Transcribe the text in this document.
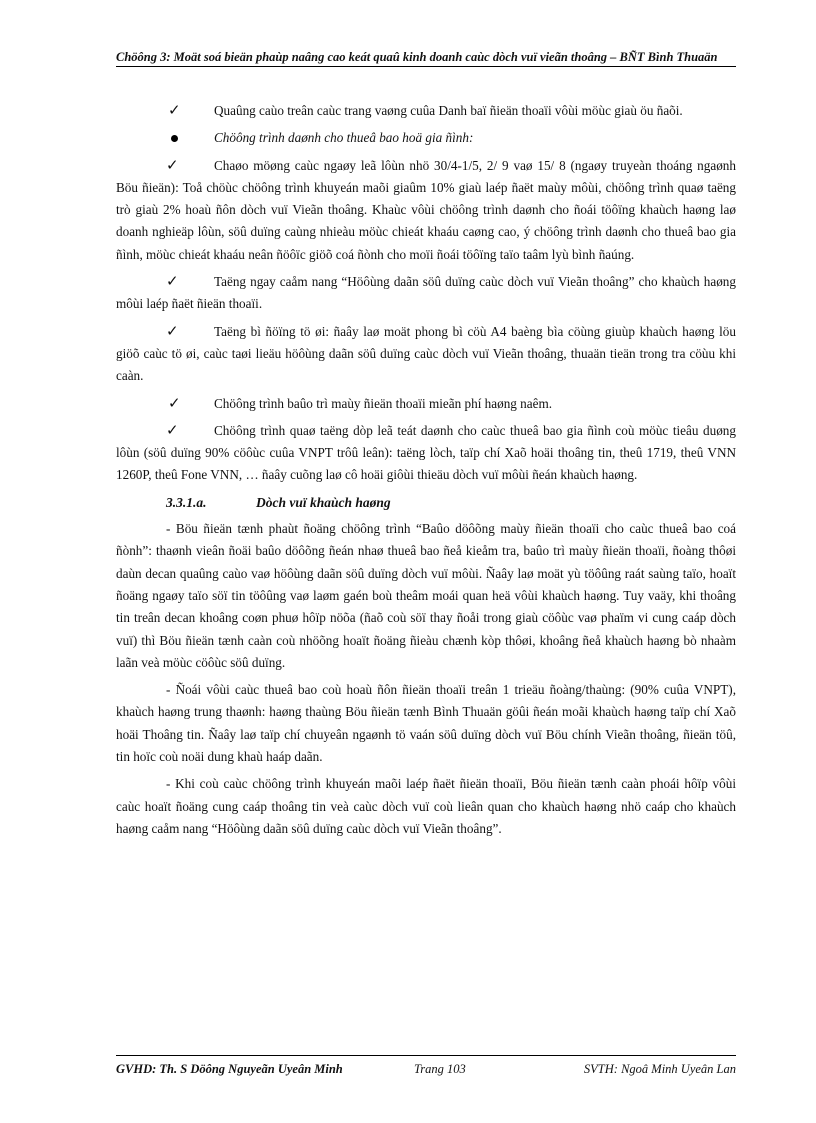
Chöông 3: Moät soá bieän phaùp naâng cao keát quaû kinh doanh caùc dòch vuï vieãn thoâng – BÑT Bình Thuaän
✓	Quaûng caùo treân caùc trang vaøng cuûa Danh baï ñieän thoaïi vôùi möùc giaù öu ñaõi.
Chöông trình daønh cho thueâ bao hoä gia ñình:

✓	Chaøo möøng caùc ngaøy leã lôùn nhö 30/4-1/5, 2/ 9 vaø 15/ 8 (ngaøy truyeàn thoáng ngaønh Böu ñieän): Toå chöùc chöông trình khuyeán maõi giaûm 10% giaù laép ñaët maùy môùi, chöông trình quaø taëng trò giaù 2% hoaù ñôn dòch vuï Vieãn thoâng. Khaùc vôùi chöông trình daønh cho ñoái töôïng khaùch haøng laø doanh nghieäp lôùn, söû duïng caùng nhieàu möùc chieát khaáu caøng cao, ý chöông trình daønh cho thueâ bao gia ñình, möùc chieát khaáu neân ñöôïc giöõ coá ñònh cho moïi ñoái töôïng taïo taâm lyù bình ñaúng.

✓	Taëng ngay caåm nang “Höôùng daãn söû duïng caùc dòch vuï Vieãn thoâng” cho khaùch haøng môùi laép ñaët ñieän thoaïi.

✓	Taëng bì ñöïng tö øi: ñaây laø moät phong bì cöù A4 baèng bìa cöùng giuùp khaùch haøng löu giöõ caùc tö øi, caùc taøi lieäu höôùng daãn söû duïng caùc dòch vuï Vieãn thoâng, thuaän tieän trong tra cöùu khi caàn.

✓	Chöông trình baûo trì maùy ñieän thoaïi mieãn phí haøng naêm.

✓	Chöông trình quaø taëng dòp leã teát daønh cho caùc thueâ bao gia ñình coù möùc tieâu duøng lôùn (söû duïng 90% cöôùc cuûa VNPT trôû leân): taëng lòch, taïp chí Xaõ hoäi thoâng tin, theû 1719, theû VNN 1260P, theû Fone VNN, … ñaây cuõng laø cô hoäi giôùi thieäu dòch vuï môùi ñeán khaùch haøng.

3.3.1.a.	Dòch vuï khaùch haøng

- Böu ñieän tænh phaùt ñoäng chöông trình “Baûo döôõng maùy ñieän thoaïi cho caùc thueâ bao coá ñònh”: thaønh vieân ñoäi baûo döôõng ñeán nhaø thueâ bao ñeå kieåm tra, baûo trì maùy ñieän thoaïi, ñoàng thôøi daùn decan quaûng caùo vaø höôùng daãn söû duïng dòch vuï môùi. Ñaây laø moät yù töôûng raát saùng taïo, hoaït ñoäng ngaøy taïo söï tin töôûng vaø laøm gaén boù theâm moái quan heä vôùi khaùch haøng. Tuy vaäy, khi thoâng tin treân decan khoâng coøn phuø hôïp nöõa (ñaõ coù söï thay ñoåi trong giaù cöôùc vaø phaïm vi cung caáp dòch vuï) thì Böu ñieän tænh caàn coù nhöõng hoaït ñoäng ñieàu chænh kòp thôøi, khoâng ñeå khaùch haøng bò nhaàm laãn veà möùc cöôùc söû duïng.

- Ñoái vôùi caùc thueâ bao coù hoaù ñôn ñieän thoaïi treân 1 trieäu ñoàng/thaùng: (90% cuûa VNPT), khaùch haøng trung thaønh: haøng thaùng Böu ñieän tænh Bình Thuaän göûi ñeán moãi khaùch haøng taïp chí Xaõ hoäi Thoâng tin. Ñaây laø taïp chí chuyeân ngaønh tö vaán söû duïng dòch vuï Böu chính Vieãn thoâng, ñieän töû, tin hoïc coù noäi dung khaù haáp daãn.

- Khi coù caùc chöông trình khuyeán maõi laép ñaët ñieän thoaïi, Böu ñieän tænh caàn phoái hôïp vôùi caùc hoaït ñoäng cung caáp thoâng tin veà caùc dòch vuï coù lieân quan cho khaùch haøng nhö caáp cho khaùch haøng caåm nang “Höôùng daãn söû duïng caùc dòch vuï Vieãn thoâng”.

GVHD: Th. S Döông Nguyeãn Uyeân Minh	Trang 103	SVTH: Ngoâ Minh Uyeân Lan
